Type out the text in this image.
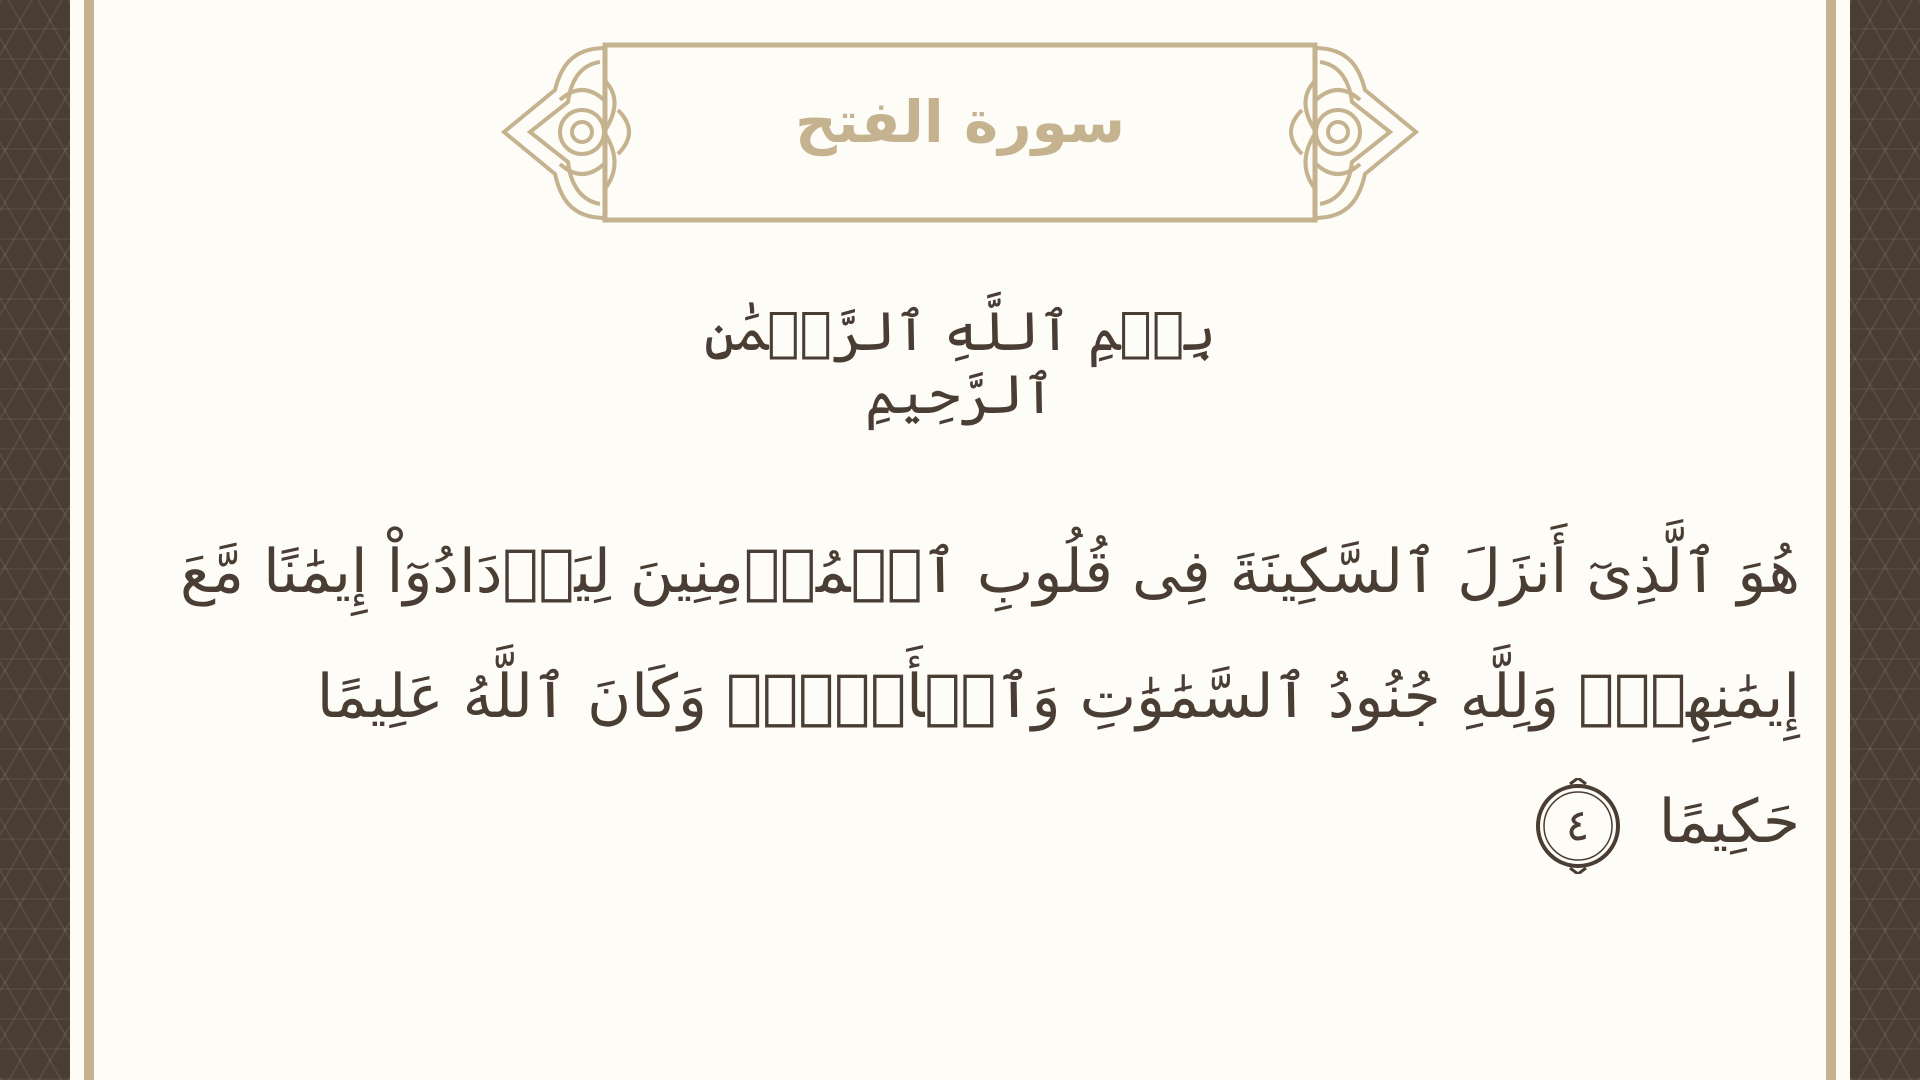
سورة الفتح
بِسۡمِ ٱللَّهِ ٱلرَّحۡمَٰنِ ٱلرَّحِيمِ
هُوَ ٱلَّذِىٓ أَنزَلَ ٱلسَّكِينَةَ فِى قُلُوبِ ٱلۡمُؤۡمِنِينَ لِيَزۡدَادُوٓاْ إِيمَٰنًا مَّعَ إِيمَٰنِهِمۡۗ وَلِلَّهِ جُنُودُ ٱلسَّمَٰوَٰتِ وَٱلۡأَرۡضِۚ وَكَانَ ٱللَّهُ عَلِيمًا حَكِيمًا
٤
